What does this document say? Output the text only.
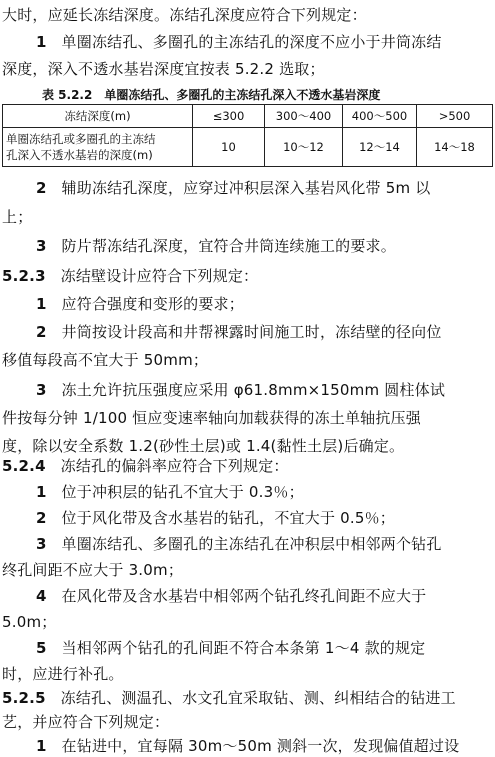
大时，应延长冻结深度。冻结孔深度应符合下列规定：
1 单圈冻结孔、多圈孔的主冻结孔的深度不应小于井筒冻结
深度，深入不透水基岩深度宜按表 5.2.2 选取；
表 5.2.2　单圈冻结孔、多圈孔的主冻结孔深入不透水基岩深度
冻结深度(m)	≤300	300～400	400～500	>500

单圈冻结孔或多圈孔的主冻结
孔深入不透水基岩的深度(m)	10	10～12	12～14	14～18
2 辅助冻结孔深度，应穿过冲积层深入基岩风化带 5m 以
上；
3 防片帮冻结孔深度，宜符合井筒连续施工的要求。
5.2.3 冻结壁设计应符合下列规定：
1 应符合强度和变形的要求；
2 井筒按设计段高和井帮裸露时间施工时，冻结壁的径向位
移值每段高不宜大于 50mm；
3 冻土允许抗压强度应采用 φ61.8mm×150mm 圆柱体试
件按每分钟 1/100 恒应变速率轴向加载获得的冻土单轴抗压强
度，除以安全系数 1.2(砂性土层)或 1.4(黏性土层)后确定。
5.2.4 冻结孔的偏斜率应符合下列规定：
1 位于冲积层的钻孔不宜大于 0.3％；
2 位于风化带及含水基岩的钻孔，不宜大于 0.5％；
3 单圈冻结孔、多圈孔的主冻结孔在冲积层中相邻两个钻孔
终孔间距不应大于 3.0m；
4 在风化带及含水基岩中相邻两个钻孔终孔间距不应大于
5.0m；
5 当相邻两个钻孔的孔间距不符合本条第 1～4 款的规定
时，应进行补孔。
5.2.5 冻结孔、测温孔、水文孔宜采取钻、测、纠相结合的钻进工
艺，并应符合下列规定：
1 在钻进中，宜每隔 30m～50m 测斜一次，发现偏值超过设
